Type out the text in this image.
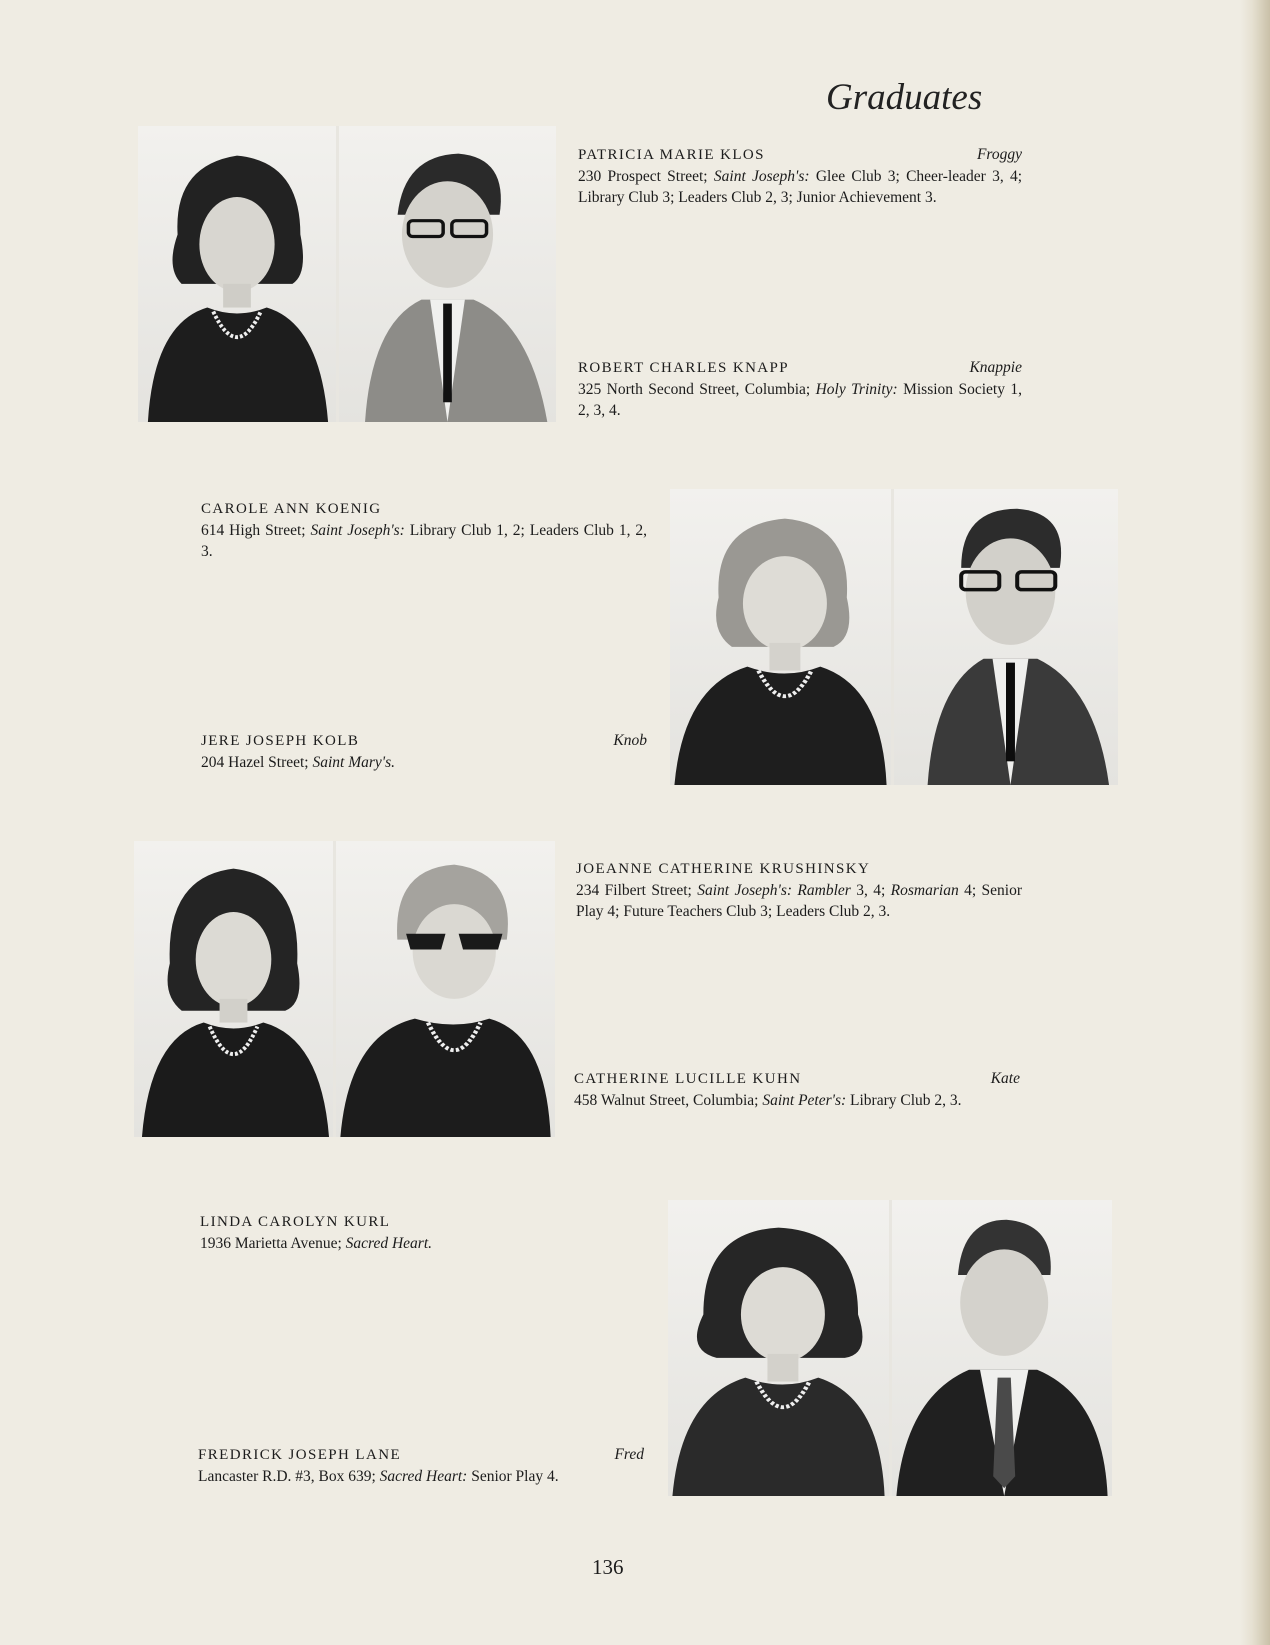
Graduates
PATRICIA MARIE KLOS	Froggy
230 Prospect Street; Saint Joseph's: Glee Club 3; Cheer-leader 3, 4; Library Club 3; Leaders Club 2, 3; Junior Achievement 3.
ROBERT CHARLES KNAPP	Knappie
325 North Second Street, Columbia; Holy Trinity: Mission Society 1, 2, 3, 4.
CAROLE ANN KOENIG
614 High Street; Saint Joseph's: Library Club 1, 2; Leaders Club 1, 2, 3.
JERE JOSEPH KOLB	Knob
204 Hazel Street; Saint Mary's.
JOEANNE CATHERINE KRUSHINSKY
234 Filbert Street; Saint Joseph's: Rambler 3, 4; Rosmarian 4; Senior Play 4; Future Teachers Club 3; Leaders Club 2, 3.
CATHERINE LUCILLE KUHN	Kate
458 Walnut Street, Columbia; Saint Peter's: Library Club 2, 3.
LINDA CAROLYN KURL
1936 Marietta Avenue; Sacred Heart.
FREDRICK JOSEPH LANE	Fred
Lancaster R.D. #3, Box 639; Sacred Heart: Senior Play 4.
136
